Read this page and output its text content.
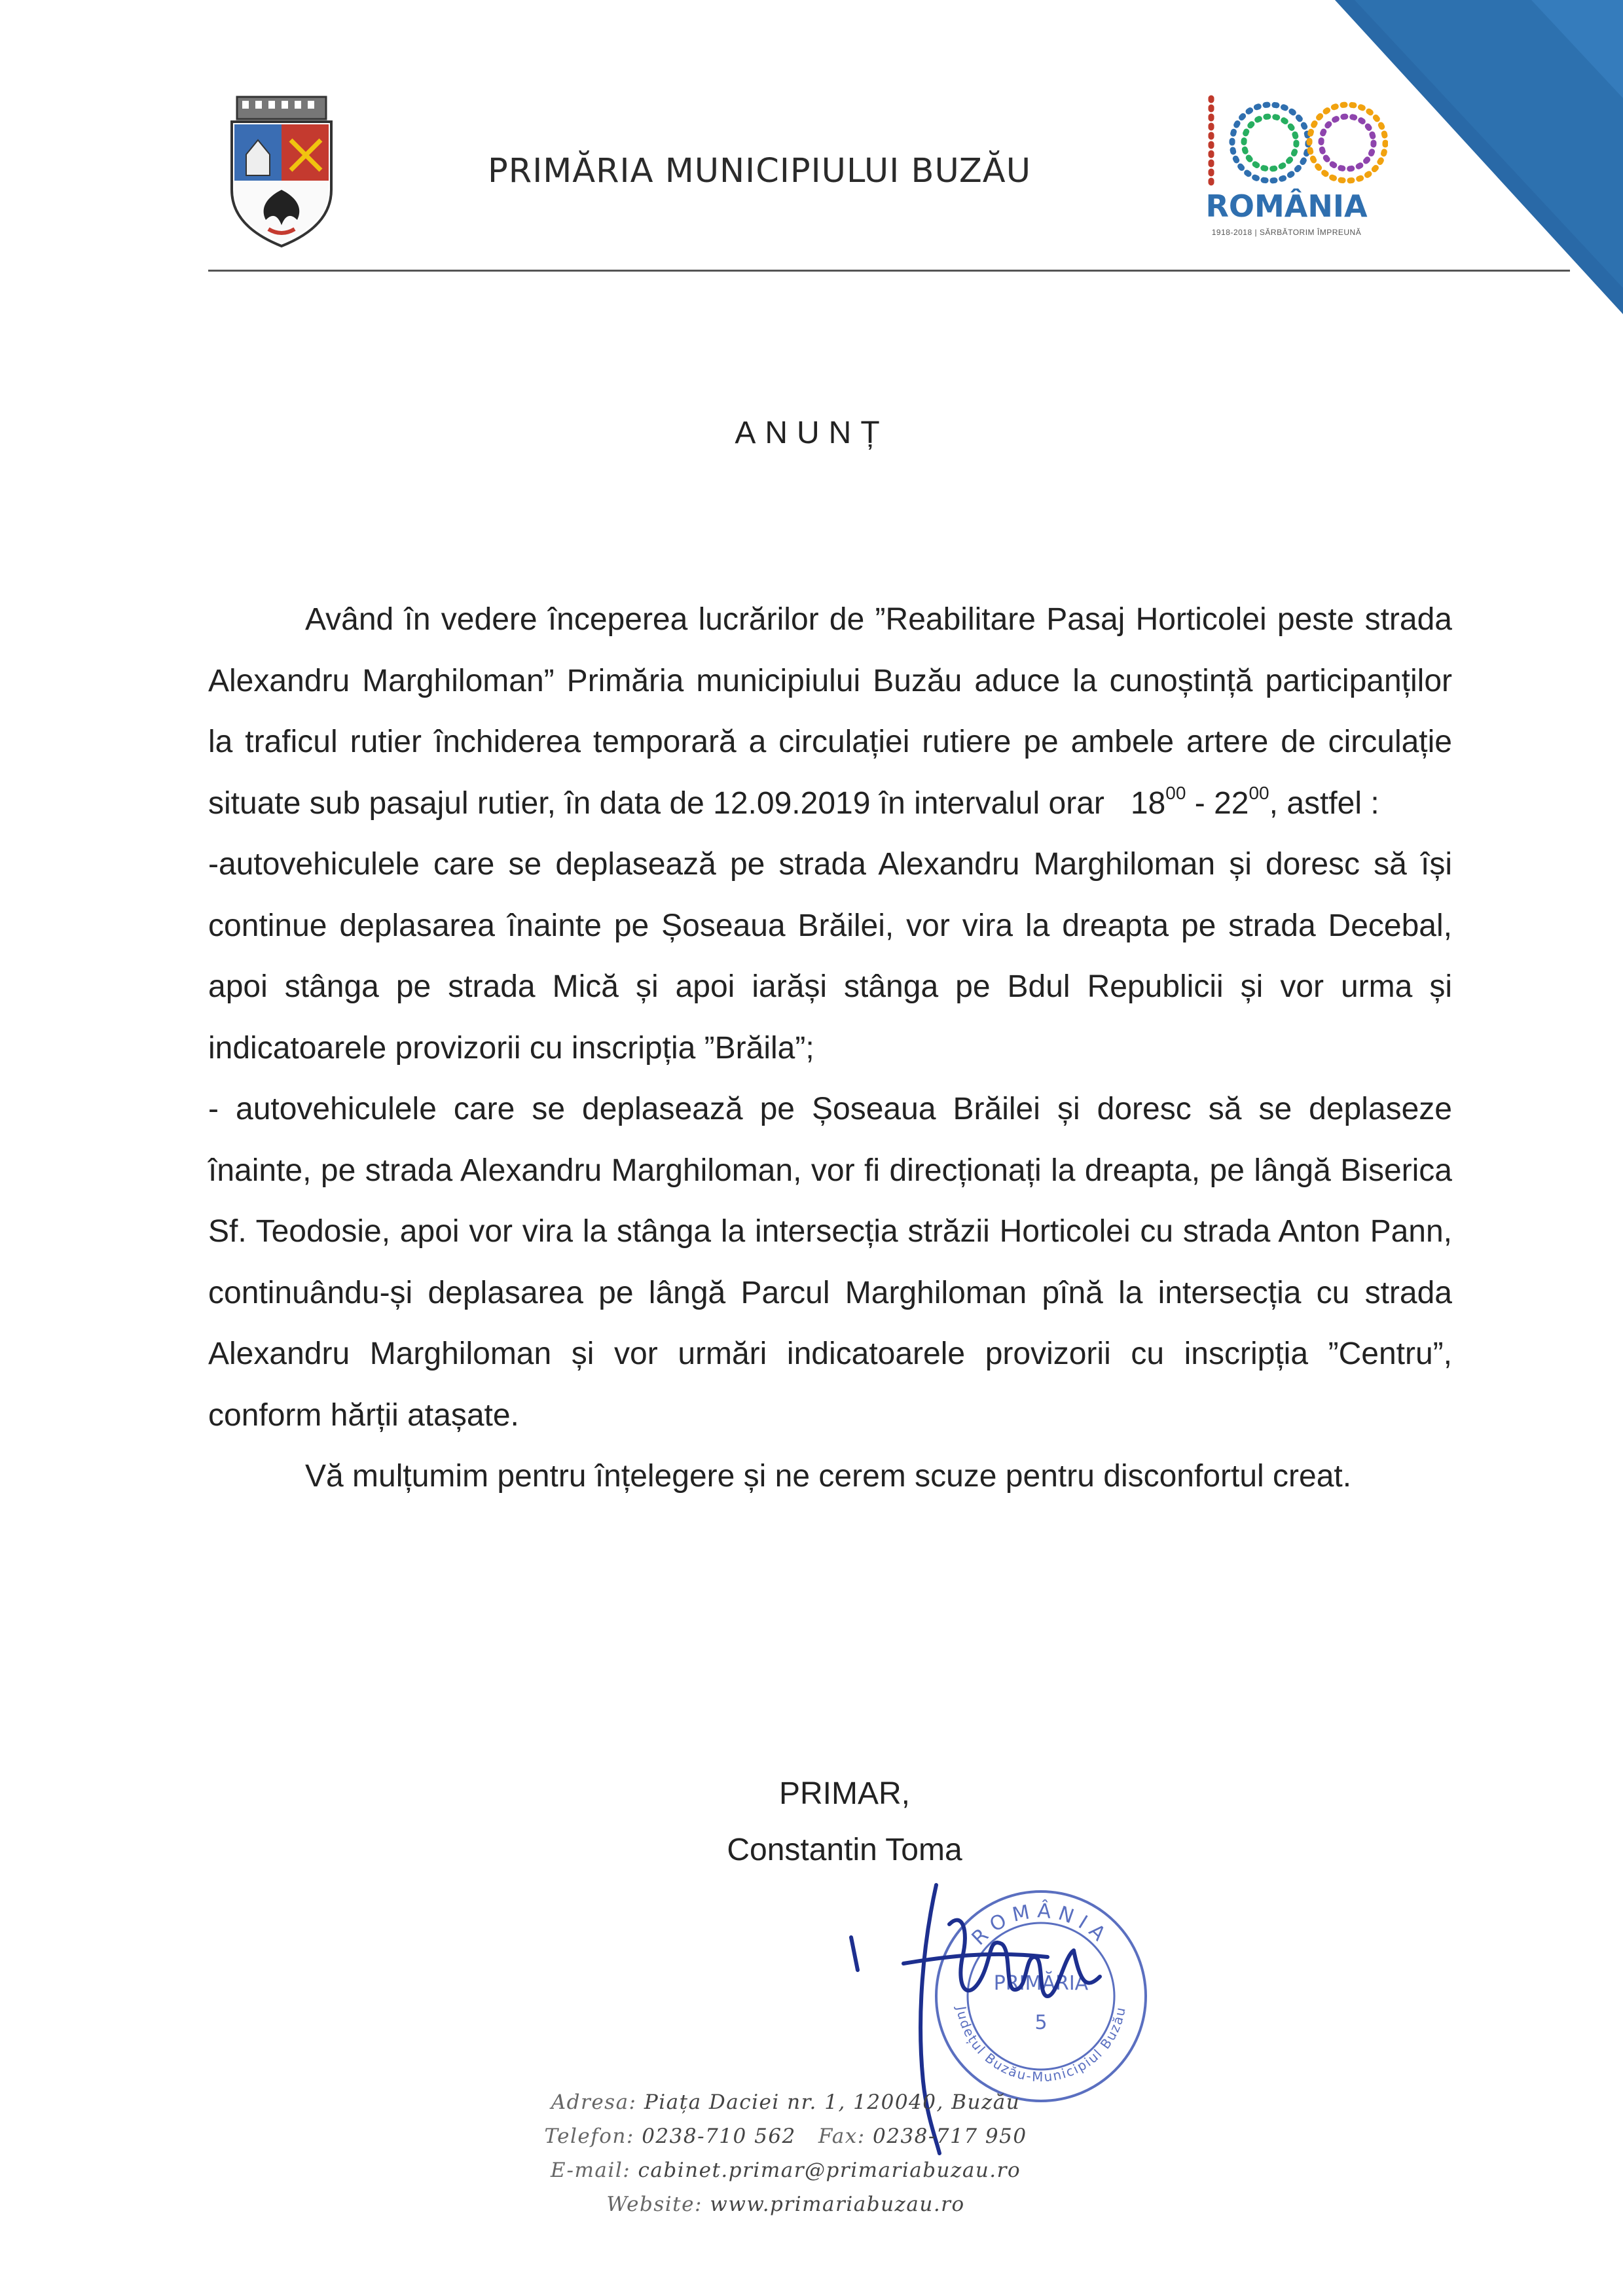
PRIMĂRIA MUNICIPIULUI BUZĂU
ROMÂNIA
1918-2018 | SĂRBĂTORIM ÎMPREUNĂ
ANUNȚ

Având în vedere începerea lucrărilor de ”Reabilitare Pasaj Horticolei peste strada Alexandru Marghiloman” Primăria municipiului Buzău aduce la cunoștință participanților la traficul rutier închiderea temporară a circulației rutiere pe ambele artere de circulație situate sub pasajul rutier, în data de 12.09.2019 în intervalul orar $18^{00} - 22^{00}$, astfel :

-autovehiculele care se deplasează pe strada Alexandru Marghiloman și doresc să își continue deplasarea înainte pe Șoseaua Brăilei, vor vira la dreapta pe strada Decebal, apoi stânga pe strada Mică și apoi iarăși stânga pe Bdul Republicii și vor urma și indicatoarele provizorii cu inscripția ”Brăila”;

- autovehiculele care se deplasează pe Șoseaua Brăilei și doresc să se deplaseze înainte, pe strada Alexandru Marghiloman, vor fi direcționați la dreapta, pe lângă Biserica Sf. Teodosie, apoi vor vira la stânga la intersecția străzii Horticolei cu strada Anton Pann, continuându-și deplasarea pe lângă Parcul Marghiloman pînă la intersecția cu strada Alexandru Marghiloman și vor urmări indicatoarele provizorii cu inscripția ”Centru”, conform hărții atașate.

Vă mulțumim pentru înțelegere și ne cerem scuze pentru disconfortul creat.

PRIMAR,
Constantin Toma
ROMÂNIA
Județul Buzău-Municipiul Buzău
PRIMĂRIA
5
Adresa: Piața Daciei nr. 1, 120040, Buzău
Telefon: 0238-710 562 Fax: 0238-717 950
E-mail: cabinet.primar@primariabuzau.ro
Website: www.primariabuzau.ro
